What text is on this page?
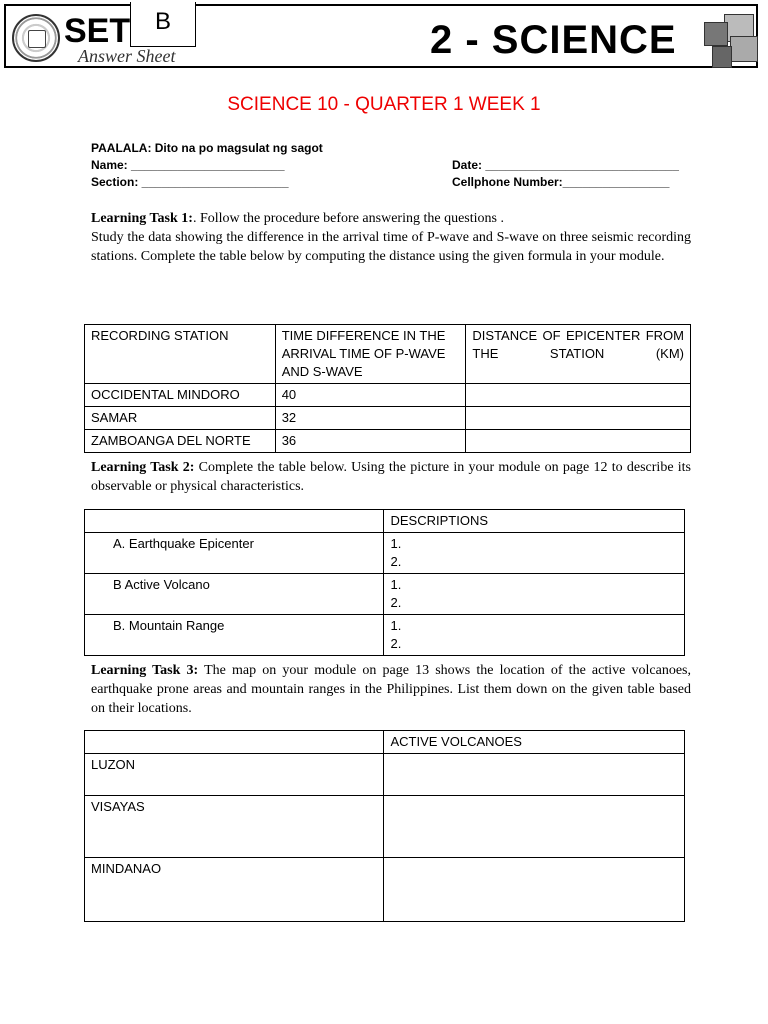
SET	B
Answer Sheet	2 - SCIENCE
SCIENCE 10 - QUARTER 1 WEEK 1
PAALALA: Dito na po magsulat ng sagot
Name: _______________________
Section: ______________________
Date: _____________________________
Cellphone Number:________________
Learning Task 1:. Follow the procedure before answering the questions .
Study the data showing the difference in the arrival time of P-wave and S-wave on three seismic recording stations. Complete the table below by computing the distance using the given formula in your module.
RECORDING STATION	TIME DIFFERENCE IN THE ARRIVAL TIME OF P-WAVE AND S-WAVE	DISTANCE OF EPICENTER FROM THE STATION (KM)
OCCIDENTAL MINDORO	40	
SAMAR	32	
ZAMBOANGA DEL NORTE	36	
Learning Task 2: Complete the table below. Using the picture in your module on page 12 to describe its observable or physical characteristics.
	DESCRIPTIONS
A. Earthquake Epicenter	1.
2.

B Active Volcano	1.
2.

B. Mountain Range	1.
2.
Learning Task 3: The map on your module on page 13 shows the location of the active volcanoes, earthquake prone areas and mountain ranges in the Philippines. List them down on the given table based on their locations.
	ACTIVE VOLCANOES
LUZON	
VISAYAS	
MINDANAO	
